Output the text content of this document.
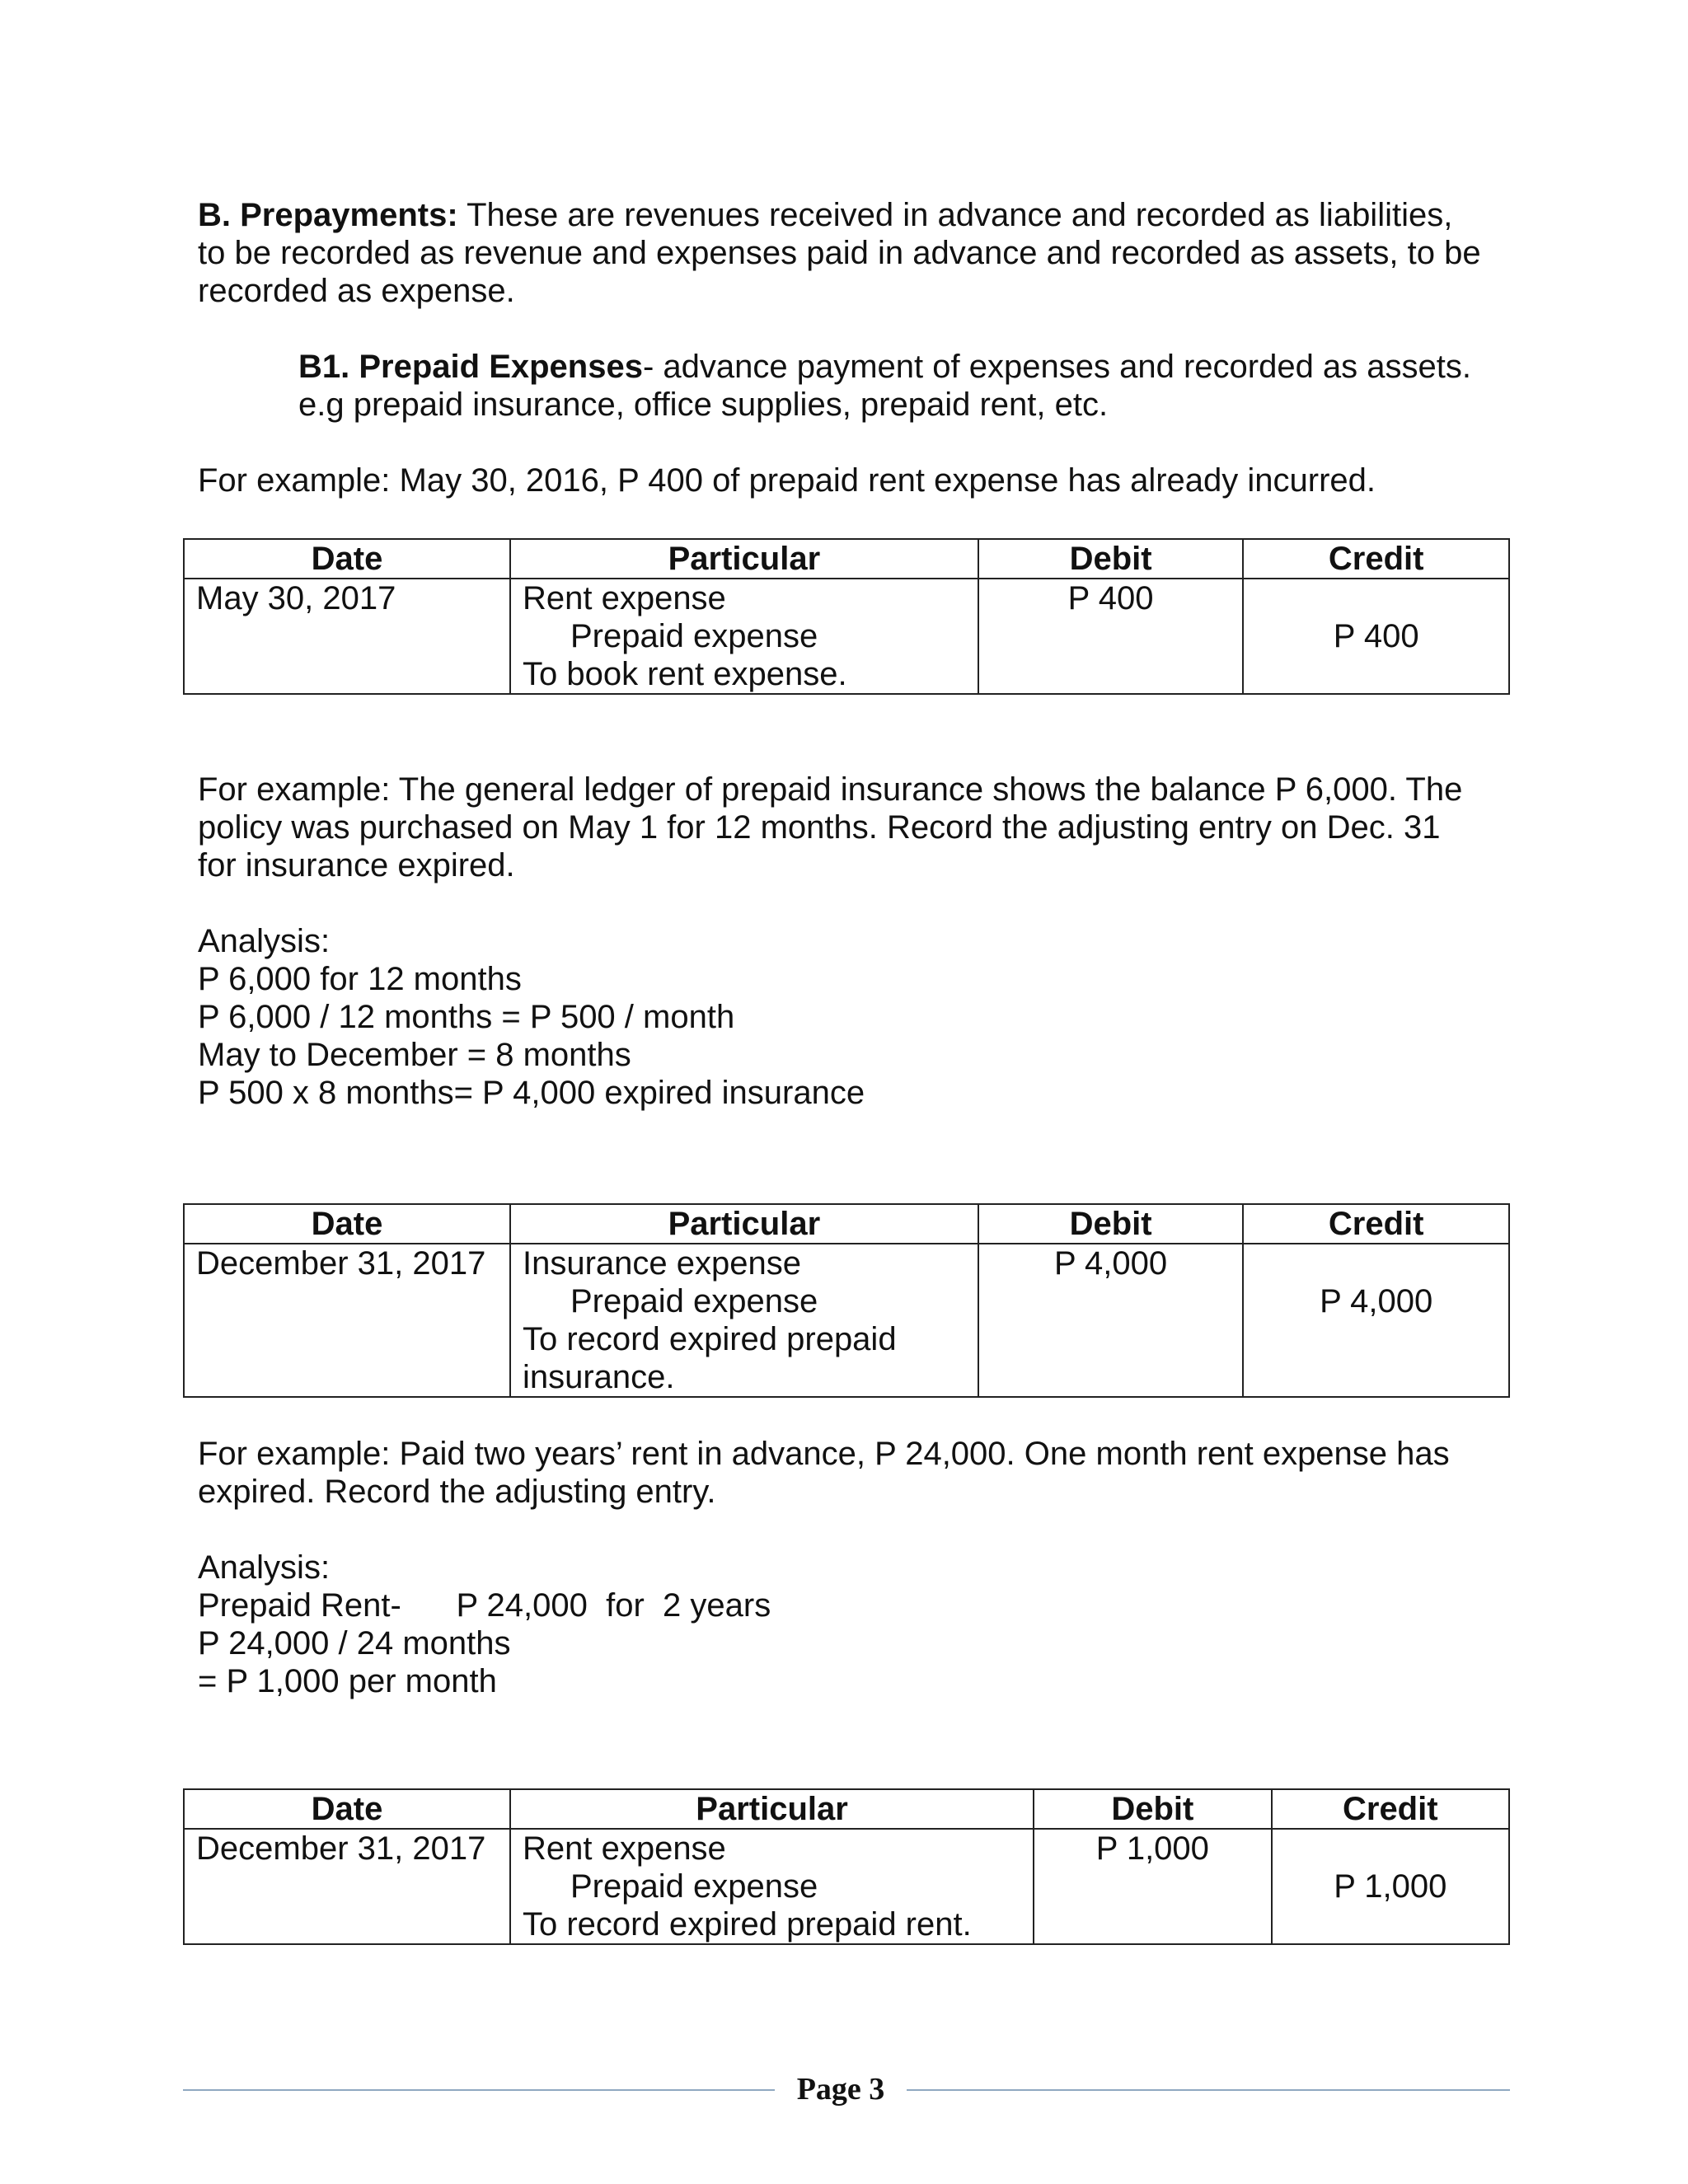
B. Prepayments: These are revenues received in advance and recorded as liabilities,
to be recorded as revenue and expenses paid in advance and recorded as assets, to be
recorded as expense.
B1. Prepaid Expenses- advance payment of expenses and recorded as assets.
e.g prepaid insurance, office supplies, prepaid rent, etc.
For example: May 30, 2016, P 400 of prepaid rent expense has already incurred.
Date	Particular	Debit	Credit
May 30, 2017	Rent expense
Prepaid expense
To book rent expense.	P 400	P 400
For example: The general ledger of prepaid insurance shows the balance P 6,000. The
policy was purchased on May 1 for 12 months. Record the adjusting entry on Dec. 31
for insurance expired.
Analysis:
P 6,000 for 12 months
P 6,000 / 12 months = P 500 / month
May to December = 8 months
P 500 x 8 months= P 4,000 expired insurance
Date	Particular	Debit	Credit
December 31, 2017	Insurance expense
Prepaid expense
To record expired prepaid
insurance.	P 4,000	P 4,000
For example: Paid two years’ rent in advance, P 24,000. One month rent expense has
expired. Record the adjusting entry.
Analysis:
Prepaid Rent-      P 24,000  for  2 years
P 24,000 / 24 months
= P 1,000 per month
Date	Particular	Debit	Credit
December 31, 2017	Rent expense
Prepaid expense
To record expired prepaid rent.	P 1,000	P 1,000
Page 3
